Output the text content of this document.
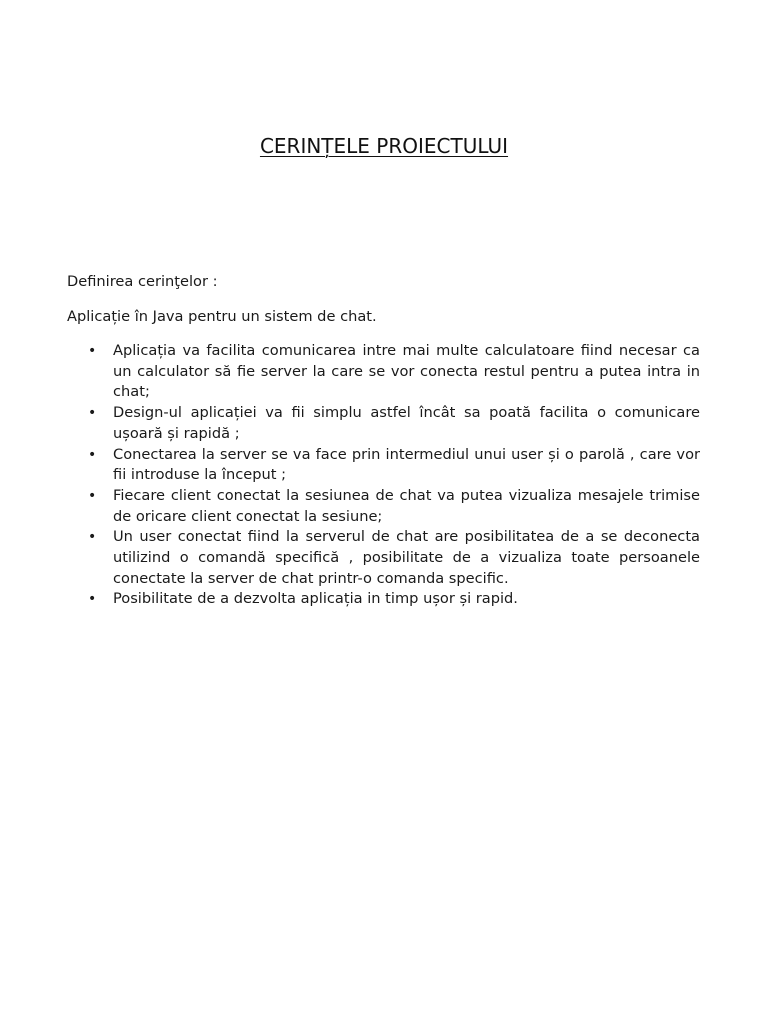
CERINȚELE PROIECTULUI

Definirea cerinţelor :

Aplicație în Java pentru un sistem de chat.

• Aplicația va facilita comunicarea intre mai multe calculatoare fiind necesar ca un calculator să fie server la care se vor conecta restul pentru a putea intra in chat;
• Design-ul aplicației va fii simplu astfel încât sa poată facilita o comunicare ușoară și rapidă ;
• Conectarea la server se va face prin intermediul unui user și o parolă , care vor fii introduse la început ;
• Fiecare client conectat la sesiunea de chat va putea vizualiza mesajele trimise de oricare client conectat la sesiune;
• Un user conectat fiind la serverul de chat are posibilitatea de a se deconecta utilizind o comandă specifică , posibilitate de a vizualiza toate persoanele conectate la server de chat printr-o comanda specific.
• Posibilitate de a dezvolta aplicația in timp ușor și rapid.
